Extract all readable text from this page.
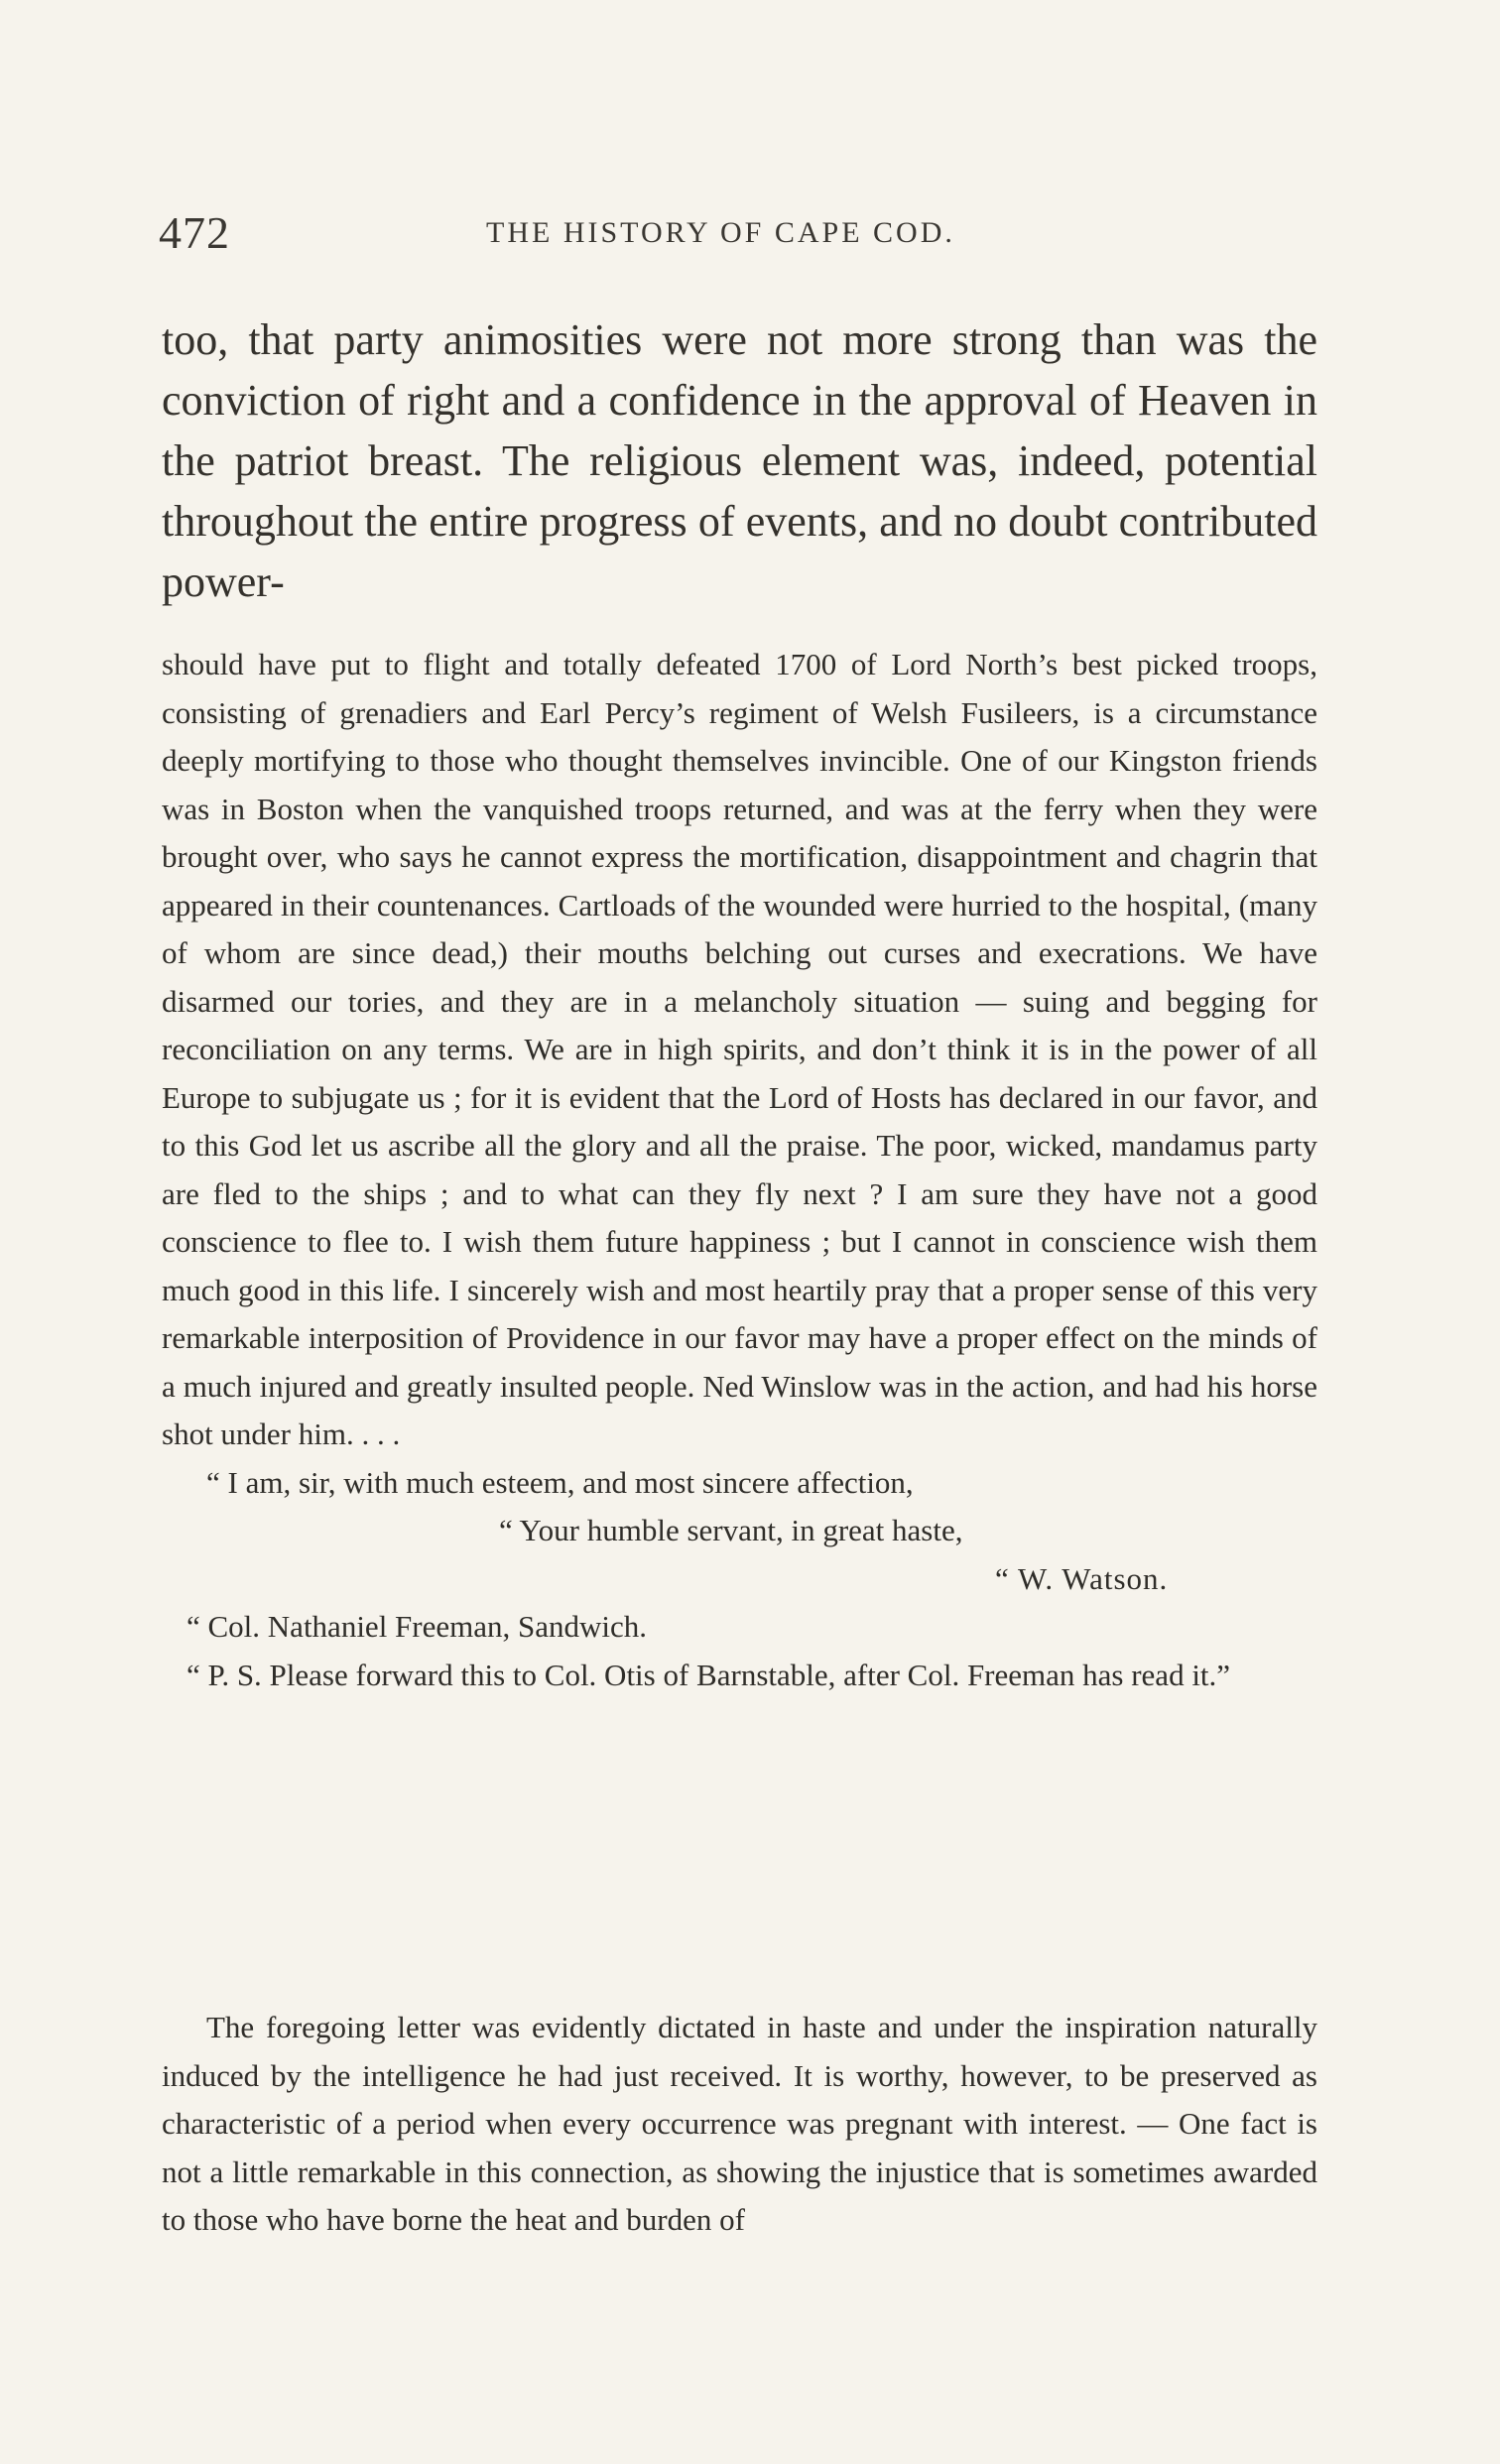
472	THE HISTORY OF CAPE COD.
too, that party animosities were not more strong than was the conviction of right and a confidence in the approval of Heaven in the patriot breast. The religious element was, indeed, potential throughout the entire progress of events, and no doubt contributed power-

should have put to flight and totally defeated 1700 of Lord North’s best picked troops, consisting of grenadiers and Earl Percy’s regiment of Welsh Fusileers, is a circumstance deeply mortifying to those who thought themselves invincible. One of our Kingston friends was in Boston when the vanquished troops returned, and was at the ferry when they were brought over, who says he cannot express the mortification, disappointment and chagrin that appeared in their countenances. Cartloads of the wounded were hurried to the hospital, (many of whom are since dead,) their mouths belching out curses and execrations. We have disarmed our tories, and they are in a melancholy situation — suing and begging for reconciliation on any terms. We are in high spirits, and don’t think it is in the power of all Europe to subjugate us ; for it is evident that the Lord of Hosts has declared in our favor, and to this God let us ascribe all the glory and all the praise. The poor, wicked, mandamus party are fled to the ships ; and to what can they fly next ? I am sure they have not a good conscience to flee to. I wish them future happiness ; but I cannot in conscience wish them much good in this life. I sincerely wish and most heartily pray that a proper sense of this very remarkable interposition of Providence in our favor may have a proper effect on the minds of a much injured and greatly insulted people. Ned Winslow was in the action, and had his horse shot under him. . . .

“ I am, sir, with much esteem, and most sincere affection,

“ Your humble servant, in great haste,

“ W. Watson.

“ Col. Nathaniel Freeman, Sandwich.

“ P. S. Please forward this to Col. Otis of Barnstable, after Col. Freeman has read it.”

The foregoing letter was evidently dictated in haste and under the inspiration naturally induced by the intelligence he had just received. It is worthy, however, to be preserved as characteristic of a period when every occurrence was pregnant with interest. — One fact is not a little remarkable in this connection, as showing the injustice that is sometimes awarded to those who have borne the heat and burden of
